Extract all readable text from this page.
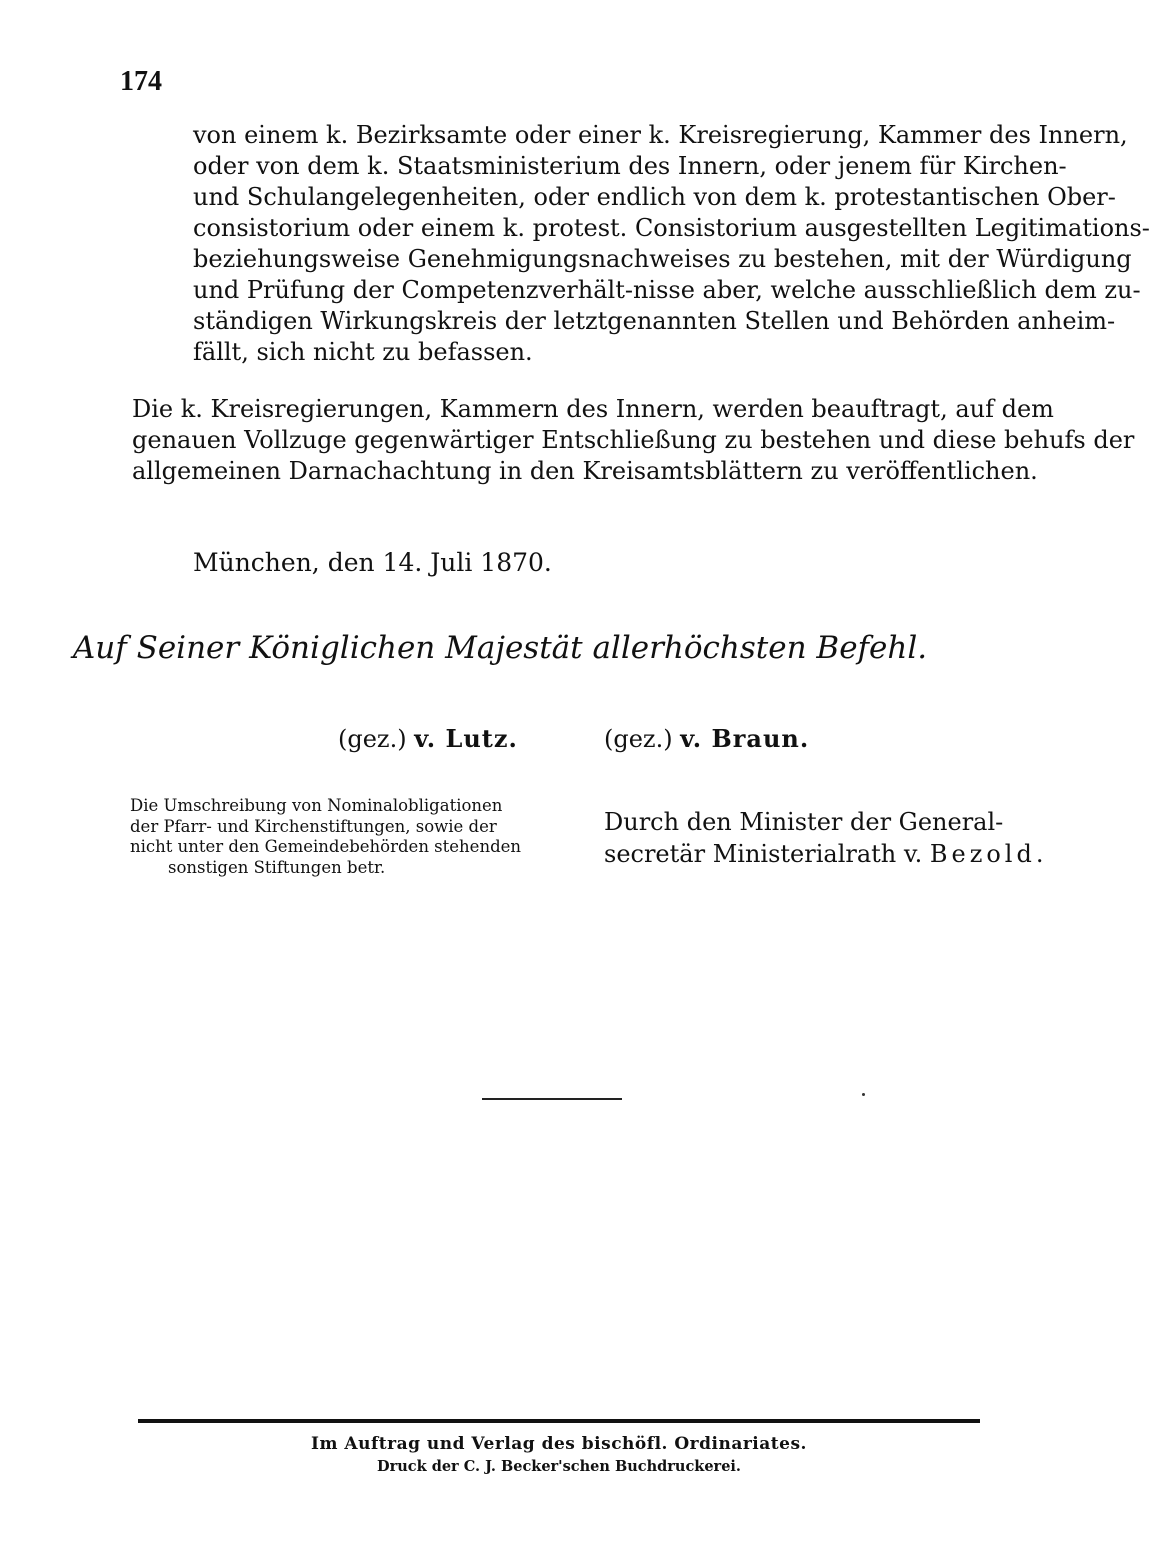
174

von einem k. Bezirksamte oder einer k. Kreisregierung, Kammer des Innern,
oder von dem k. Staatsministerium des Innern, oder jenem für Kirchen-
und Schulangelegenheiten, oder endlich von dem k. protestantischen Ober-
consistorium oder einem k. protest. Consistorium ausgestellten Legitimations-
beziehungsweise Genehmigungsnachweises zu bestehen, mit der Würdigung
und Prüfung der Competenzverhält-nisse aber, welche ausschließlich dem zu-
ständigen Wirkungskreis der letztgenannten Stellen und Behörden anheim-
fällt, sich nicht zu befassen.

Die k. Kreisregierungen, Kammern des Innern, werden beauftragt, auf dem
genauen Vollzuge gegenwärtiger Entschließung zu bestehen und diese behufs der
allgemeinen Darnachachtung in den Kreisamtsblättern zu veröffentlichen.

München, den 14. Juli 1870.
Auf Seiner Königlichen Majestät allerhöchsten Befehl.
(gez.) v. Lutz.	(gez.) v. Braun.
Die Umschreibung von Nominalobligationen
der Pfarr- und Kirchenstiftungen, sowie der
nicht unter den Gemeindebehörden stehenden
sonstigen Stiftungen betr.
Durch den Minister der General-
secretär Ministerialrath v. Bezold.
Im Auftrag und Verlag des bischöfl. Ordinariates.
Druck der C. J. Becker'schen Buchdruckerei.
